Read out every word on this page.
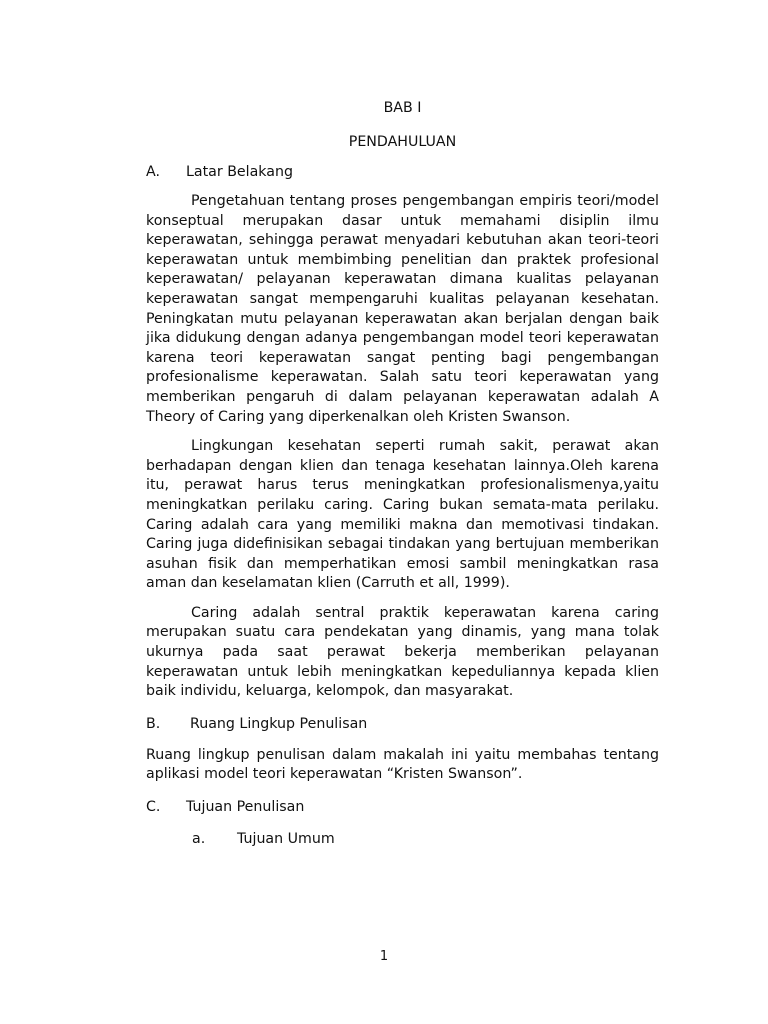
BAB I
PENDAHULUAN
A.	Latar Belakang

Pengetahuan tentang proses pengembangan empiris teori/model konseptual merupakan dasar untuk memahami disiplin ilmu keperawatan, sehingga perawat menyadari kebutuhan akan teori-teori keperawatan untuk membimbing penelitian dan praktek profesional keperawatan/ pelayanan keperawatan dimana kualitas pelayanan keperawatan sangat mempengaruhi kualitas pelayanan kesehatan. Peningkatan mutu pelayanan keperawatan akan berjalan dengan baik jika didukung dengan adanya pengembangan model teori keperawatan karena teori keperawatan sangat penting bagi pengembangan profesionalisme keperawatan. Salah satu teori keperawatan yang memberikan pengaruh di dalam pelayanan keperawatan adalah A Theory of Caring yang diperkenalkan oleh Kristen Swanson.

Lingkungan kesehatan seperti rumah sakit, perawat akan berhadapan dengan klien dan tenaga kesehatan lainnya.Oleh karena itu, perawat harus terus meningkatkan profesionalismenya,yaitu meningkatkan perilaku caring. Caring bukan semata-mata perilaku. Caring adalah cara yang memiliki makna dan memotivasi tindakan. Caring juga didefinisikan sebagai tindakan yang bertujuan memberikan asuhan fisik dan memperhatikan emosi sambil meningkatkan rasa aman dan keselamatan klien (Carruth et all, 1999).

Caring adalah sentral praktik keperawatan karena caring merupakan suatu cara pendekatan yang dinamis, yang mana tolak ukurnya pada saat perawat bekerja memberikan pelayanan keperawatan untuk lebih meningkatkan kepeduliannya kepada klien baik individu, keluarga, kelompok, dan masyarakat.

B.	Ruang Lingkup Penulisan

Ruang lingkup penulisan dalam makalah ini yaitu membahas tentang aplikasi model teori keperawatan “Kristen Swanson”.

C.	Tujuan Penulisan
a.	Tujuan Umum
1
